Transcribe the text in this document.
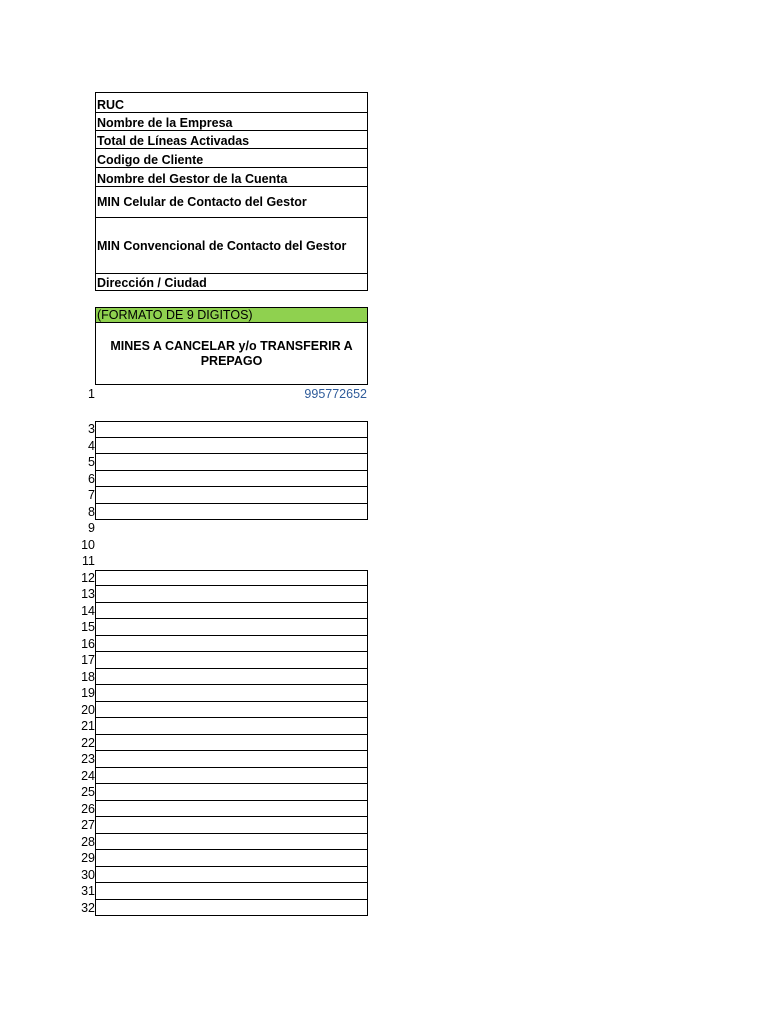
RUC
Nombre de la Empresa
Total de Líneas Activadas
Codigo de Cliente
Nombre del Gestor de la Cuenta
MIN Celular de Contacto del Gestor
MIN Convencional de Contacto del Gestor
Dirección / Ciudad
(FORMATO DE 9 DIGITOS)
MINES A CANCELAR y/o TRANSFERIR A PREPAGO
1	995772652
3
4
5
6
7
8
9
10
11
12
13
14
15
16
17
18
19
20
21
22
23
24
25
26
27
28
29
30
31
32
